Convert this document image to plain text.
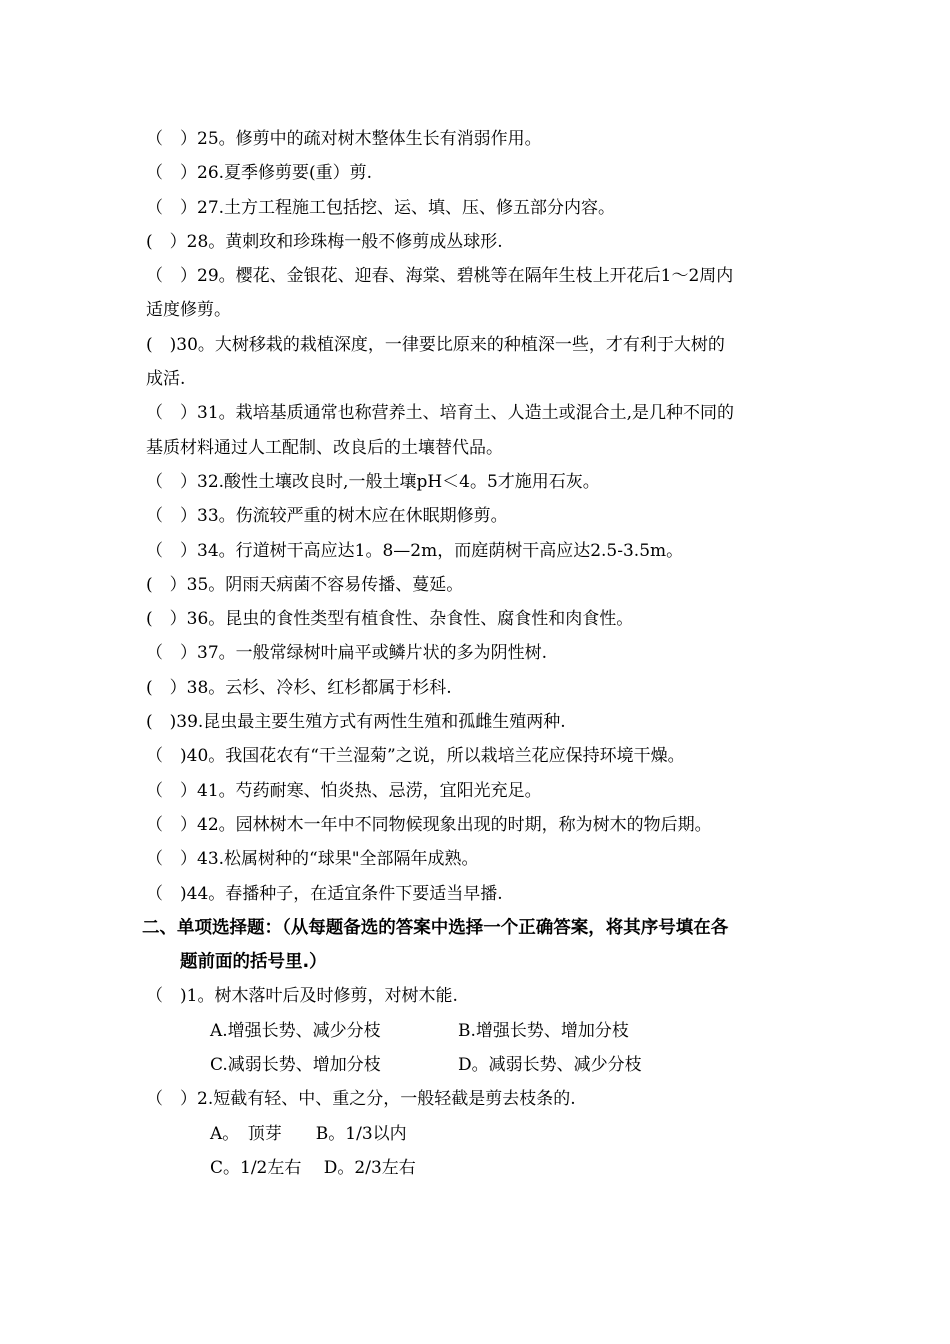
（　）25。修剪中的疏对树木整体生长有消弱作用。
（　）26.夏季修剪要(重）剪.
（　）27.土方工程施工包括挖、运、填、压、修五部分内容。
(　）28。黄刺玫和珍珠梅一般不修剪成丛球形.
（　）29。樱花、金银花、迎春、海棠、碧桃等在隔年生枝上开花后1～2周内
适度修剪。
(　)30。大树移栽的栽植深度，一律要比原来的种植深一些，才有利于大树的
成活.
（　）31。栽培基质通常也称营养土、培育土、人造土或混合土,是几种不同的
基质材料通过人工配制、改良后的土壤替代品。
（　）32.酸性土壤改良时,一般土壤pH＜4。5才施用石灰。
（　）33。伤流较严重的树木应在休眠期修剪。
（　）34。行道树干高应达1。8—2m，而庭荫树干高应达2.5-3.5m。
(　）35。阴雨天病菌不容易传播、蔓延。
(　）36。昆虫的食性类型有植食性、杂食性、腐食性和肉食性。
（　）37。一般常绿树叶扁平或鳞片状的多为阴性树.
(　）38。云杉、冷杉、红杉都属于杉科.
(　)39.昆虫最主要生殖方式有两性生殖和孤雌生殖两种.
（　)40。我国花农有“干兰湿菊”之说，所以栽培兰花应保持环境干燥。
（　）41。芍药耐寒、怕炎热、忌涝，宜阳光充足。
（　）42。园林树木一年中不同物候现象出现的时期，称为树木的物后期。
（　）43.松属树种的“球果"全部隔年成熟。
（　)44。春播种子，在适宜条件下要适当早播.
二、单项选择题：（从每题备选的答案中选择一个正确答案，将其序号填在各
题前面的括号里.）
（　)1。树木落叶后及时修剪，对树木能.
A.增强长势、减少分枝	B.增强长势、增加分枝
C.减弱长势、增加分枝	D。减弱长势、减少分枝
（　）2.短截有轻、中、重之分，一般轻截是剪去枝条的.
A。　顶芽　　B。1/3以内
C。1/2左右　 D。2/3左右
